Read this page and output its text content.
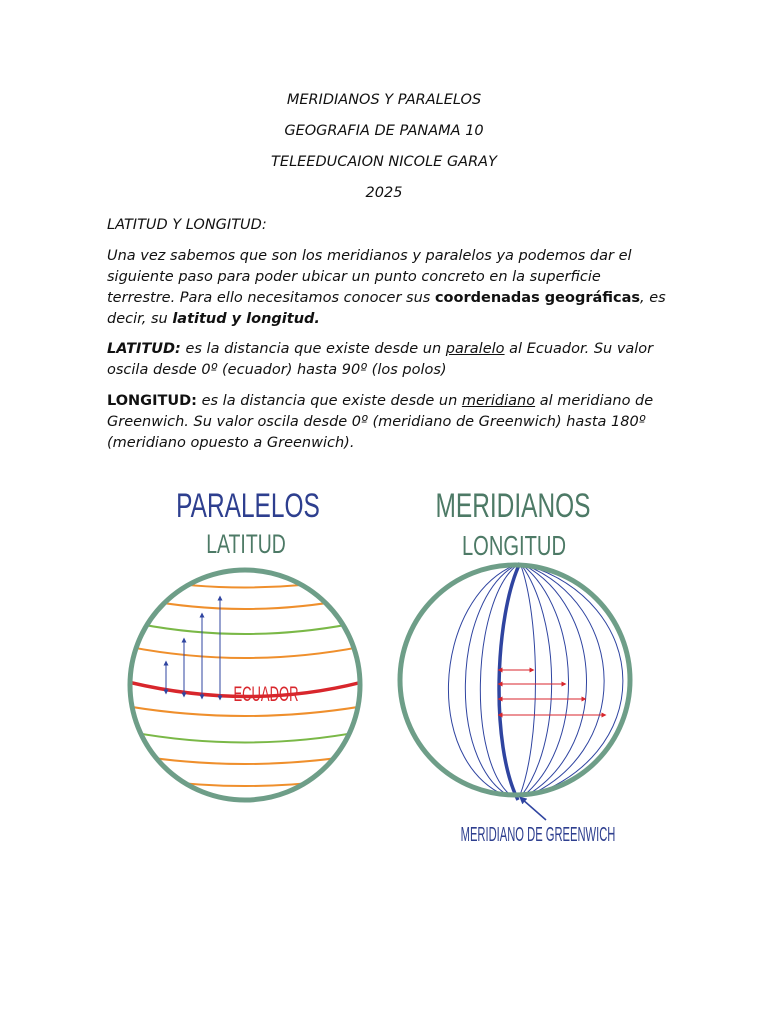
MERIDIANOS Y PARALELOS
GEOGRAFIA DE PANAMA 10
TELEEDUCAION NICOLE GARAY
2025
LATITUD Y LONGITUD:
Una vez sabemos que son los meridianos y paralelos ya podemos dar el siguiente paso para poder ubicar un punto concreto en la superficie terrestre. Para ello necesitamos conocer sus coordenadas geográficas, es decir, su latitud y longitud.
LATITUD: es la distancia que existe desde un paralelo al Ecuador. Su valor oscila desde 0º (ecuador) hasta 90º (los polos)
LONGITUD: es la distancia que existe desde un meridiano al meridiano de Greenwich. Su valor oscila desde 0º (meridiano de Greenwich) hasta 180º (meridiano opuesto a Greenwich).
PARALELOS
LATITUD
ECUADOR
MERIDIANOS
LONGITUD
MERIDIANO DE GREENWICH
